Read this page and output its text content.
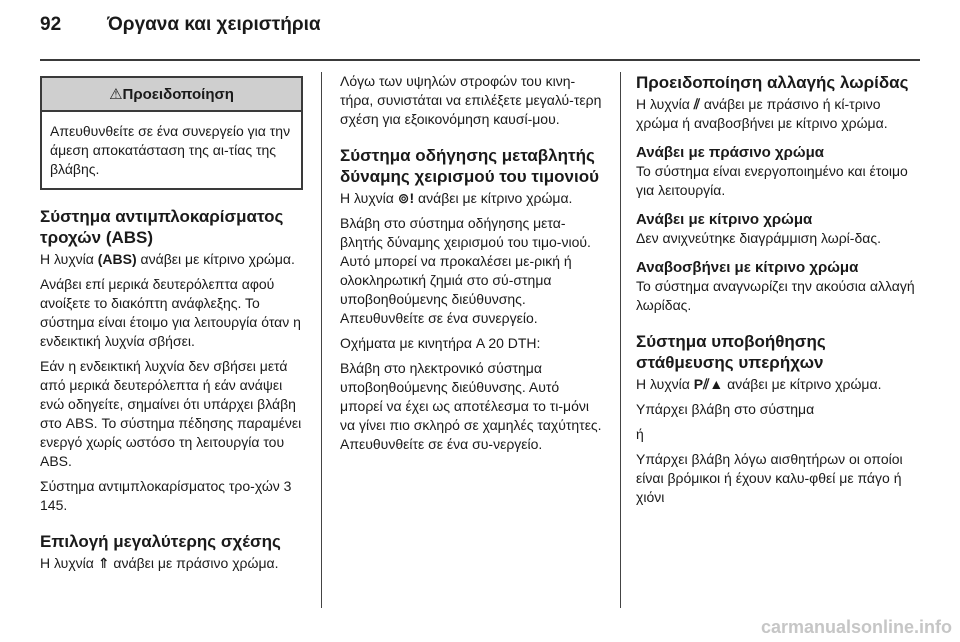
92 Όργανα και χειριστήρια
⚠Προειδοποίηση
Απευθυνθείτε σε ένα συνεργείο για την άμεση αποκατάσταση της αι-τίας της βλάβης.
Σύστημα αντιμπλοκαρίσματος τροχών (ABS)

Η λυχνία (ABS) ανάβει με κίτρινο χρώμα.

Ανάβει επί μερικά δευτερόλεπτα αφού ανοίξετε το διακόπτη ανάφλεξης. Το σύστημα είναι έτοιμο για λειτουργία όταν η ενδεικτική λυχνία σβήσει.

Εάν η ενδεικτική λυχνία δεν σβήσει μετά από μερικά δευτερόλεπτα ή εάν ανάψει ενώ οδηγείτε, σημαίνει ότι υπάρχει βλάβη στο ABS. Το σύστημα πέδησης παραμένει ενεργό χωρίς ωστόσο τη λειτουργία του ABS.

Σύστημα αντιμπλοκαρίσματος τρο-χών 3 145.

Επιλογή μεγαλύτερης σχέσης

Η λυχνία ⇑ ανάβει με πράσινο χρώμα.

Λόγω των υψηλών στροφών του κινη-τήρα, συνιστάται να επιλέξετε μεγαλύ-τερη σχέση για εξοικονόμηση καυσί-μου.

Σύστημα οδήγησης μεταβλητής δύναμης χειρισμού του τιμονιού

Η λυχνία ⊚! ανάβει με κίτρινο χρώμα.

Βλάβη στο σύστημα οδήγησης μετα-βλητής δύναμης χειρισμού του τιμο-νιού. Αυτό μπορεί να προκαλέσει με-ρική ή ολοκληρωτική ζημιά στο σύ-στημα υποβοηθούμενης διεύθυνσης. Απευθυνθείτε σε ένα συνεργείο.

Οχήματα με κινητήρα A 20 DTH:

Βλάβη στο ηλεκτρονικό σύστημα υποβοηθούμενης διεύθυνσης. Αυτό μπορεί να έχει ως αποτέλεσμα το τι-μόνι να γίνει πιο σκληρό σε χαμηλές ταχύτητες. Απευθυνθείτε σε ένα συ-νεργείο.

Προειδοποίηση αλλαγής λωρίδας

Η λυχνία ⫽ ανάβει με πράσινο ή κί-τρινο χρώμα ή αναβοσβήνει με κίτρινο χρώμα.

Ανάβει με πράσινο χρώμα

Το σύστημα είναι ενεργοποιημένο και έτοιμο για λειτουργία.

Ανάβει με κίτρινο χρώμα

Δεν ανιχνεύτηκε διαγράμμιση λωρί-δας.

Αναβοσβήνει με κίτρινο χρώμα

Το σύστημα αναγνωρίζει την ακούσια αλλαγή λωρίδας.

Σύστημα υποβοήθησης στάθμευσης υπερήχων

Η λυχνία P⫽▲ ανάβει με κίτρινο χρώμα.

Υπάρχει βλάβη στο σύστημα

ή

Υπάρχει βλάβη λόγω αισθητήρων οι οποίοι είναι βρόμικοι ή έχουν καλυ-φθεί με πάγο ή χιόνι

carmanualsonline.info
